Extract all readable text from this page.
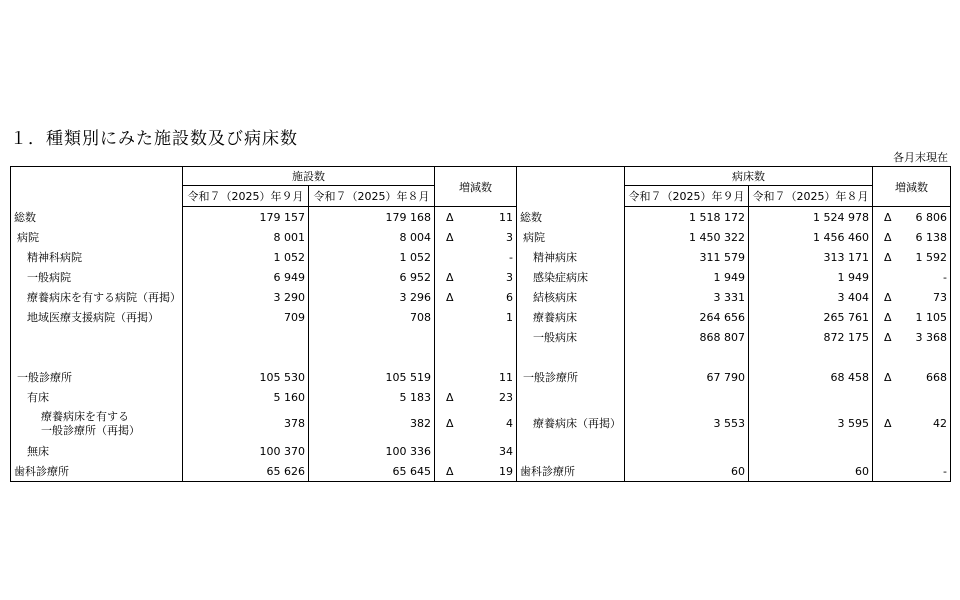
１．種類別にみた施設数及び病床数
各月末現在
	施設数		増減数			病床数		増減数	
	令和７（2025）年９月	令和７（2025）年８月				令和７（2025）年９月	令和７（2025）年８月		
総数	179 157	179 168	Δ	11	総数	1 518 172	1 524 978	Δ	6 806
病院	8 001	8 004	Δ	3	病院	1 450 322	1 456 460	Δ	6 138
精神科病院	1 052	1 052		-	精神病床	311 579	313 171	Δ	1 592
一般病院	6 949	6 952	Δ	3	感染症病床	1 949	1 949		-
療養病床を有する病院（再掲）	3 290	3 296	Δ	6	結核病床	3 331	3 404	Δ	73
地域医療支援病院（再掲）	709	708		1	療養病床	264 656	265 761	Δ	1 105
					一般病床	868 807	872 175	Δ	3 368

一般診療所	105 530	105 519		11	一般診療所	67 790	68 458	Δ	668
有床	5 160	5 183	Δ	23					
療養病床を有する
一般診療所（再掲）	378	382	Δ	4	療養病床（再掲）	3 553	3 595	Δ	42
無床	100 370	100 336		34					
歯科診療所	65 626	65 645	Δ	19	歯科診療所	60	60		-
